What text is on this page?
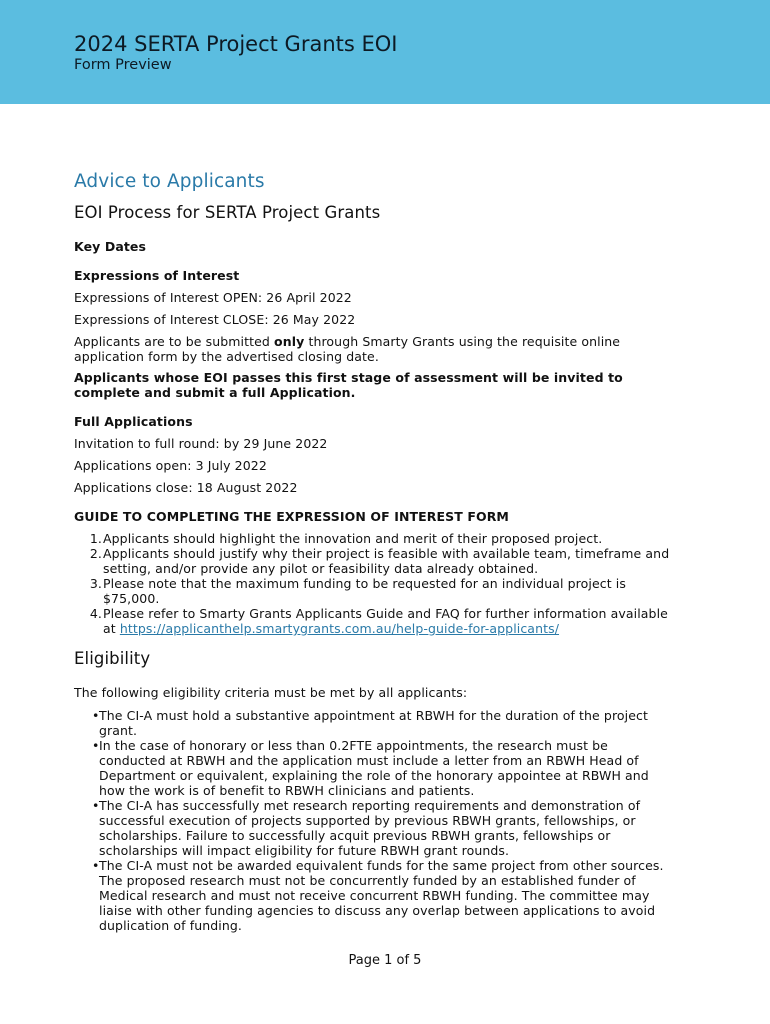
2024 SERTA Project Grants EOI
Form Preview
Advice to Applicants
EOI Process for SERTA Project Grants
Key Dates
Expressions of Interest
Expressions of Interest OPEN: 26 April 2022
Expressions of Interest CLOSE: 26 May 2022
Applicants are to be submitted only through Smarty Grants using the requisite online application form by the advertised closing date.
Applicants whose EOI passes this first stage of assessment will be invited to complete and submit a full Application.
Full Applications
Invitation to full round: by 29 June 2022
Applications open: 3 July 2022
Applications close: 18 August 2022
GUIDE TO COMPLETING THE EXPRESSION OF INTEREST FORM
1. Applicants should highlight the innovation and merit of their proposed project.
2. Applicants should justify why their project is feasible with available team, timeframe and setting, and/or provide any pilot or feasibility data already obtained.
3. Please note that the maximum funding to be requested for an individual project is $75,000.
4. Please refer to Smarty Grants Applicants Guide and FAQ for further information available at https://applicanthelp.smartygrants.com.au/help-guide-for-applicants/
Eligibility
The following eligibility criteria must be met by all applicants:
• The CI-A must hold a substantive appointment at RBWH for the duration of the project grant.
• In the case of honorary or less than 0.2FTE appointments, the research must be conducted at RBWH and the application must include a letter from an RBWH Head of Department or equivalent, explaining the role of the honorary appointee at RBWH and how the work is of benefit to RBWH clinicians and patients.
• The CI-A has successfully met research reporting requirements and demonstration of successful execution of projects supported by previous RBWH grants, fellowships, or scholarships. Failure to successfully acquit previous RBWH grants, fellowships or scholarships will impact eligibility for future RBWH grant rounds.
• The CI-A must not be awarded equivalent funds for the same project from other sources. The proposed research must not be concurrently funded by an established funder of Medical research and must not receive concurrent RBWH funding. The committee may liaise with other funding agencies to discuss any overlap between applications to avoid duplication of funding.
Page 1 of 5
